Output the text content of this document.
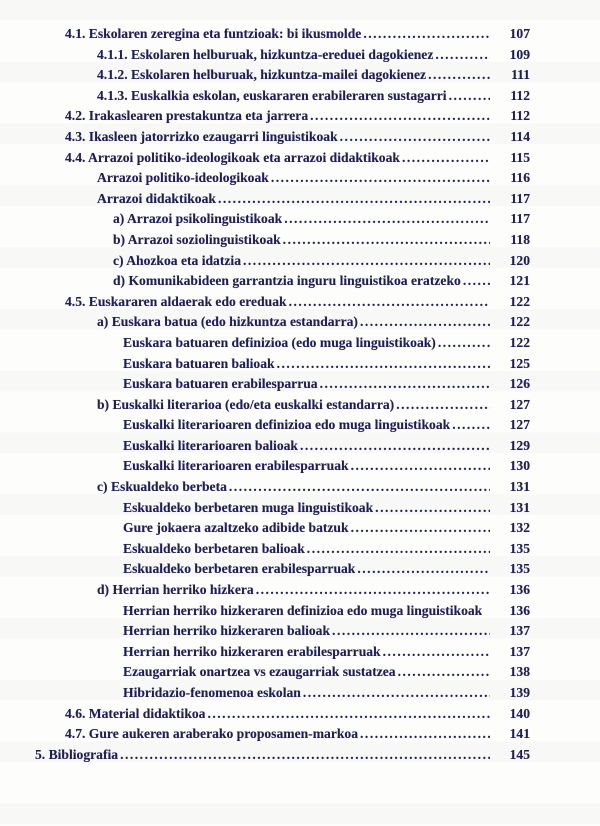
4.1. Eskolaren zeregina eta funtzioak: bi ikusmolde .....	107
4.1.1. Eskolaren helburuak, hizkuntza-ereduei dagokienez .....	109
4.1.2. Eskolaren helburuak, hizkuntza-mailei dagokienez .....	111
4.1.3. Euskalkia eskolan, euskararen erabileraren sustagarri .....	112
4.2. Irakaslearen prestakuntza eta jarrera .....	112
4.3. Ikasleen jatorrizko ezaugarri linguistikoak .....	114
4.4. Arrazoi politiko-ideologikoak eta arrazoi didaktikoak .....	115
Arrazoi politiko-ideologikoak .....	116
Arrazoi didaktikoak .....	117
a) Arrazoi psikolinguistikoak .....	117
b) Arrazoi soziolinguistikoak .....	118
c) Ahozkoa eta idatzia .....	120
d) Komunikabideen garrantzia inguru linguistikoa eratzeko .....	121
4.5. Euskararen aldaerak edo ereduak .....	122
a) Euskara batua (edo hizkuntza estandarra) .....	122
Euskara batuaren definizioa (edo muga linguistikoak) .....	122
Euskara batuaren balioak .....	125
Euskara batuaren erabilesparrua .....	126
b) Euskalki literarioa (edo/eta euskalki estandarra) .....	127
Euskalki literarioaren definizioa edo muga linguistikoak .....	127
Euskalki literarioaren balioak .....	129
Euskalki literarioaren erabilesparruak .....	130
c) Eskualdeko berbeta .....	131
Eskualdeko berbetaren muga linguistikoak .....	131
Gure jokaera azaltzeko adibide batzuk .....	132
Eskualdeko berbetaren balioak .....	135
Eskualdeko berbetaren erabilesparruak .....	135
d) Herrian herriko hizkera .....	136
Herrian herriko hizkeraren definizioa edo muga linguistikoak	136
Herrian herriko hizkeraren balioak .....	137
Herrian herriko hizkeraren erabilesparruak .....	137
Ezaugarriak onartzea vs ezaugarriak sustatzea .....	138
Hibridazio-fenomenoa eskolan .....	139
4.6. Material didaktikoa .....	140
4.7. Gure aukeren araberako proposamen-markoa .....	141
5. Bibliografia .....	145
